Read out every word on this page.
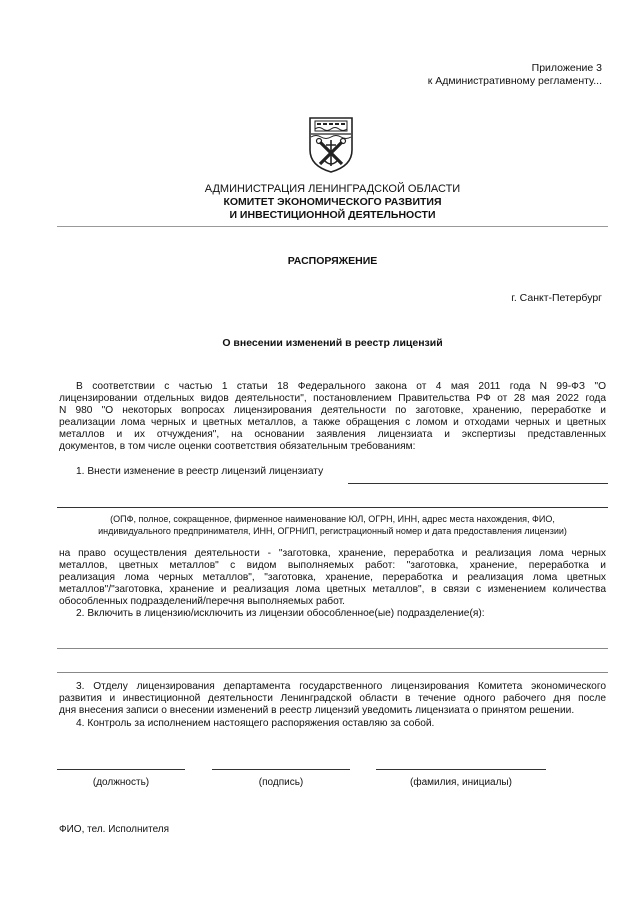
Приложение 3
к Административному регламенту...
АДМИНИСТРАЦИЯ ЛЕНИНГРАДСКОЙ ОБЛАСТИ
КОМИТЕТ ЭКОНОМИЧЕСКОГО РАЗВИТИЯ
И ИНВЕСТИЦИОННОЙ ДЕЯТЕЛЬНОСТИ
РАСПОРЯЖЕНИЕ
г. Санкт-Петербург
О внесении изменений в реестр лицензий
В соответствии с частью 1 статьи 18 Федерального закона от 4 мая 2011 года N 99-ФЗ "О
лицензировании отдельных видов деятельности", постановлением Правительства РФ от 28 мая 2022 года
N 980 "О некоторых вопросах лицензирования деятельности по заготовке, хранению, переработке и
реализации лома черных и цветных металлов, а также обращения с ломом и отходами черных и цветных
металлов и их отчуждения", на основании заявления лицензиата и экспертизы представленных
документов, в том числе оценки соответствия обязательным требованиям:
1. Внести изменение в реестр лицензий лицензиату
(ОПФ, полное, сокращенное, фирменное наименование ЮЛ, ОГРН, ИНН, адрес места нахождения, ФИО,
индивидуального предпринимателя, ИНН, ОГРНИП, регистрационный номер и дата предоставления лицензии)
на право осуществления деятельности - "заготовка, хранение, переработка и реализация лома черных
металлов, цветных металлов" с видом выполняемых работ: "заготовка, хранение, переработка и
реализация лома черных металлов", "заготовка, хранение, переработка и реализация лома цветных
металлов"/"заготовка, хранение и реализация лома цветных металлов", в связи с изменением количества
обособленных подразделений/перечня выполняемых работ.
2. Включить в лицензию/исключить из лицензии обособленное(ые) подразделение(я):
3. Отделу лицензирования департамента государственного лицензирования Комитета экономического
развития и инвестиционной деятельности Ленинградской области в течение одного рабочего дня после
дня внесения записи о внесении изменений в реестр лицензий уведомить лицензиата о принятом решении.
4. Контроль за исполнением настоящего распоряжения оставляю за собой.
(должность)	(подпись)	(фамилия, инициалы)
ФИО, тел. Исполнителя
